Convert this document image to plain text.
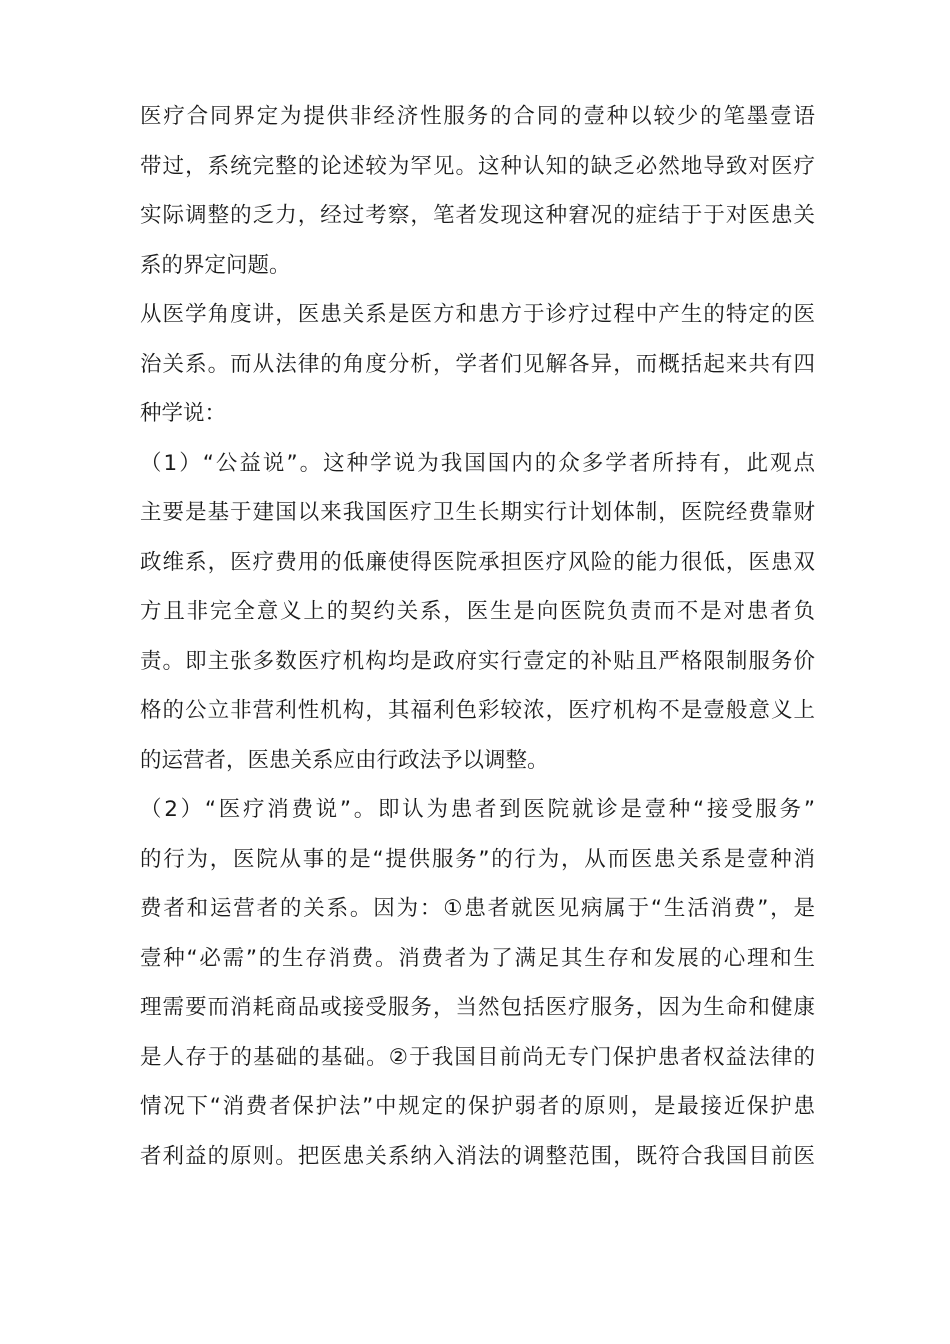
医疗合同界定为提供非经济性服务的合同的壹种以较少的笔墨壹语
带过，系统完整的论述较为罕见。这种认知的缺乏必然地导致对医疗
实际调整的乏力，经过考察，笔者发现这种窘况的症结于于对医患关
系的界定问题。
从医学角度讲，医患关系是医方和患方于诊疗过程中产生的特定的医
治关系。而从法律的角度分析，学者们见解各异，而概括起来共有四
种学说：
（1）“公益说”。这种学说为我国国内的众多学者所持有，此观点
主要是基于建国以来我国医疗卫生长期实行计划体制，医院经费靠财
政维系，医疗费用的低廉使得医院承担医疗风险的能力很低，医患双
方且非完全意义上的契约关系，医生是向医院负责而不是对患者负
责。即主张多数医疗机构均是政府实行壹定的补贴且严格限制服务价
格的公立非营利性机构，其福利色彩较浓，医疗机构不是壹般意义上
的运营者，医患关系应由行政法予以调整。
（2）“医疗消费说”。即认为患者到医院就诊是壹种“接受服务”
的行为，医院从事的是“提供服务”的行为，从而医患关系是壹种消
费者和运营者的关系。因为：①患者就医见病属于“生活消费”，是
壹种“必需”的生存消费。消费者为了满足其生存和发展的心理和生
理需要而消耗商品或接受服务，当然包括医疗服务，因为生命和健康
是人存于的基础的基础。②于我国目前尚无专门保护患者权益法律的
情况下“消费者保护法”中规定的保护弱者的原则，是最接近保护患
者利益的原则。把医患关系纳入消法的调整范围，既符合我国目前医
